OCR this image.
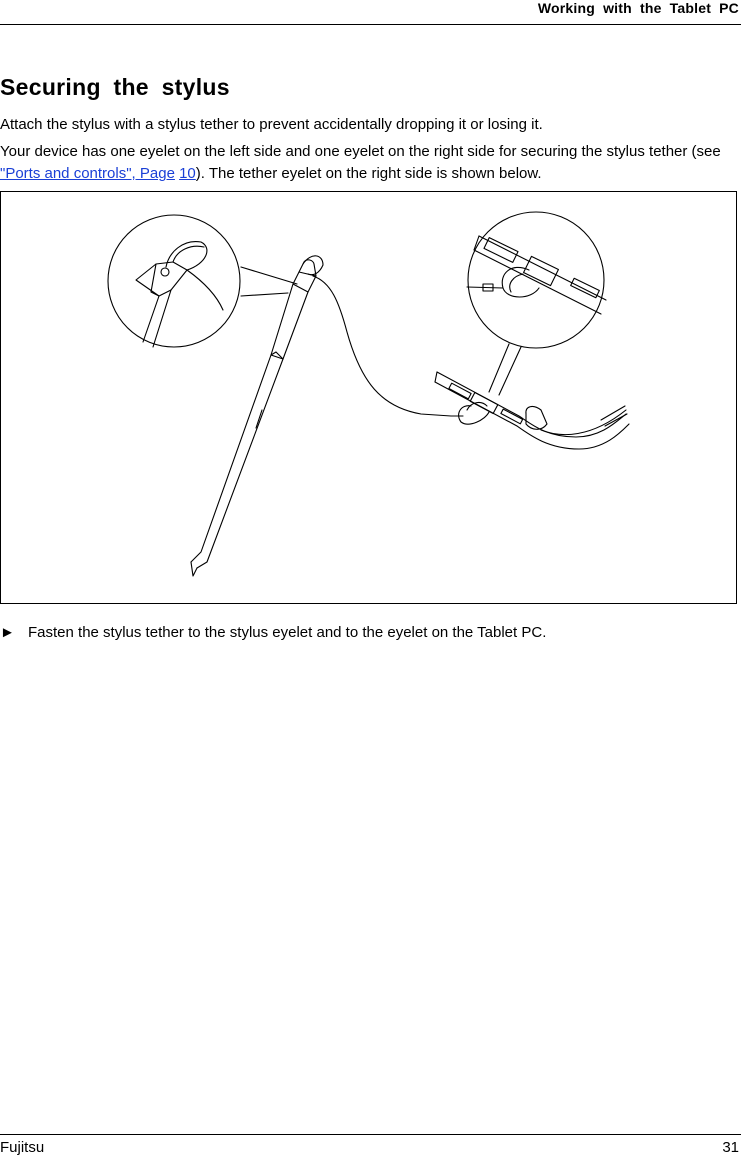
Working with the Tablet PC
Securing the stylus

Attach the stylus with a stylus tether to prevent accidentally dropping it or losing it.

Your device has one eyelet on the left side and one eyelet on the right side for securing the stylus tether (see "Ports and controls", Page 10). The tether eyelet on the right side is shown below.

► Fasten the stylus tether to the stylus eyelet and to the eyelet on the Tablet PC.
Fujitsu	31
